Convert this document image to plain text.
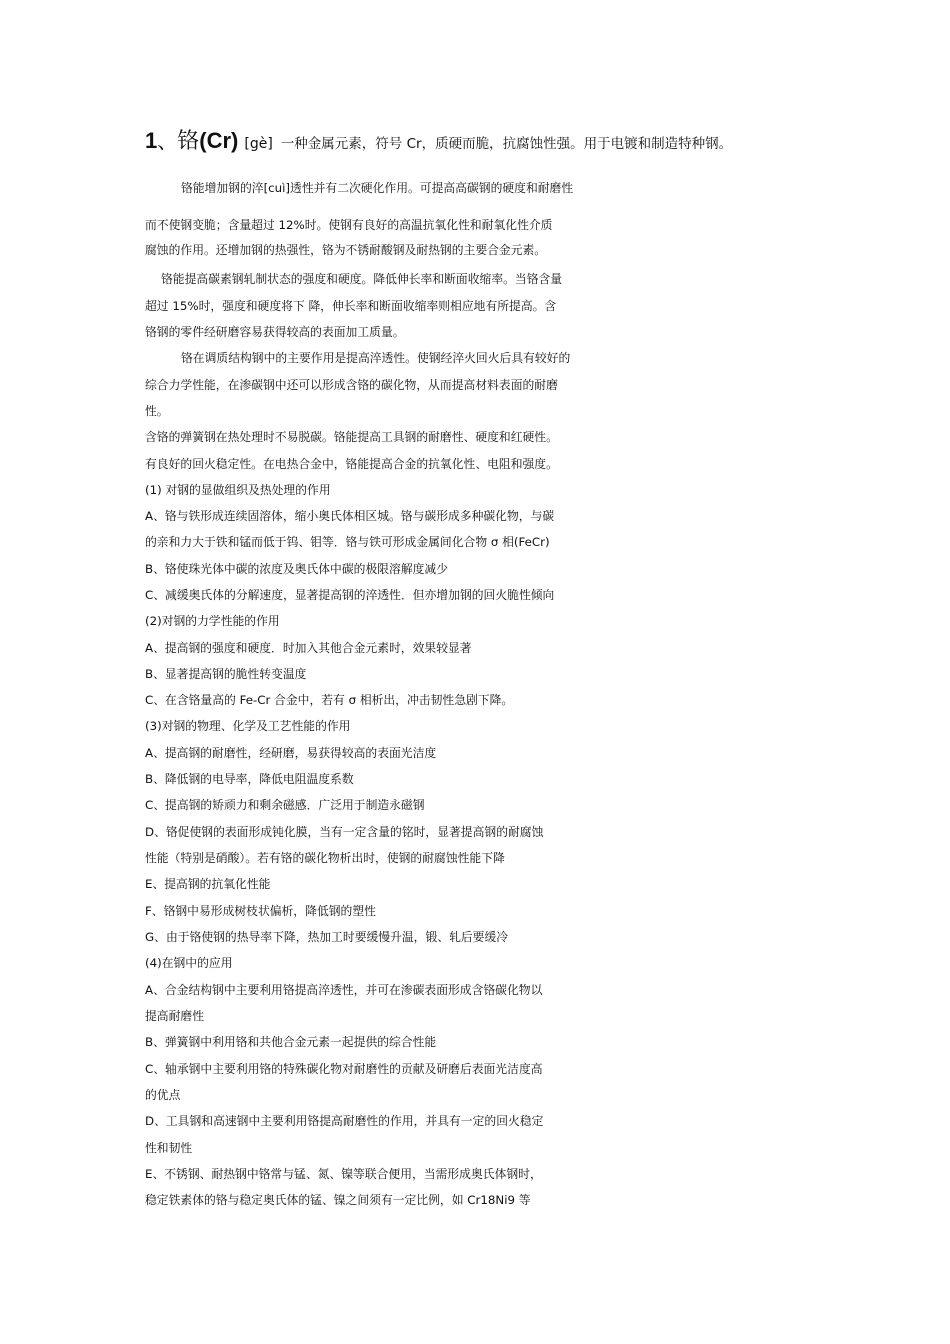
1、铬(Cr) [gè] 一种金属元素，符号 Cr，质硬而脆，抗腐蚀性强。用于电镀和制造特种钢。
铬能增加钢的淬[cuì]透性并有二次硬化作用。可提高高碳钢的硬度和耐磨性
而不使钢变脆；含量超过 12%时。使钢有良好的高温抗氧化性和耐氧化性介质
腐蚀的作用。还增加钢的热强性，铬为不锈耐酸钢及耐热钢的主要合金元素。
铬能提高碳素钢轧制状态的强度和硬度。降低伸长率和断面收缩率。当铬含量
超过 15%时，强度和硬度将下 降，伸长率和断面收缩率则相应地有所提高。含
铬钢的零件经研磨容易获得较高的表面加工质量。
铬在调质结构钢中的主要作用是提高淬透性。使钢经淬火回火后具有较好的
综合力学性能，在渗碳钢中还可以形成含铬的碳化物，从而提高材料表面的耐磨
性。
含铬的弹簧钢在热处理时不易脱碳。铬能提高工具钢的耐磨性、硬度和红硬性。
有良好的回火稳定性。在电热合金中，铬能提高合金的抗氧化性、电阻和强度。
(1) 对钢的显做组织及热处理的作用
A、铬与铁形成连续固溶体，缩小奥氏体相区城。铬与碳形成多种碳化物，与碳
的亲和力大于铁和锰而低于钨、钼等．铬与铁可形成金属间化合物 σ 相(FeCr)
B、铬使珠光体中碳的浓度及奥氏体中碳的极限溶解度减少
C、减缓奥氏体的分解速度，显著提高钢的淬透性．但亦增加钢的回火脆性倾向
(2)对钢的力学性能的作用
A、提高钢的强度和硬度．时加入其他合金元素时，效果较显著
B、显著提高钢的脆性转变温度
C、在含铬量高的 Fe-Cr 合金中，若有 σ 相析出，冲击韧性急剧下降。
(3)对钢的物理、化学及工艺性能的作用
A、提高钢的耐磨性，经研磨，易获得较高的表面光洁度
B、降低钢的电导率，降低电阻温度系数
C、提高钢的矫顽力和剩余磁感．广泛用于制造永磁钢
D、铬促使钢的表面形成钝化膜，当有一定含量的铭时，显著提高钢的耐腐蚀
性能（特别是硝酸）。若有铬的碳化物析出时，使钢的耐腐蚀性能下降
E、提高钢的抗氧化性能
F、铬钢中易形成树枝状偏析，降低钢的塑性
G、由于铬使钢的热导率下降，热加工时要缓慢升温，锻、轧后要缓冷
(4)在钢中的应用
A、合金结构钢中主要利用铬提高淬透性，并可在渗碳表面形成含铬碳化物以
提高耐磨性
B、弹簧钢中利用铬和共他合金元素一起提供的综合性能
C、轴承钢中主要利用铬的特殊碳化物对耐磨性的贡献及研磨后表面光洁度高
的优点
D、工具钢和高速钢中主要利用铬提高耐磨性的作用，并具有一定的回火稳定
性和韧性
E、不锈钢、耐热钢中铬常与锰、氮、镍等联合便用，当需形成奥氏体钢时，
稳定铁素体的铬与稳定奥氏体的锰、镍之间须有一定比例，如 Cr18Ni9 等
